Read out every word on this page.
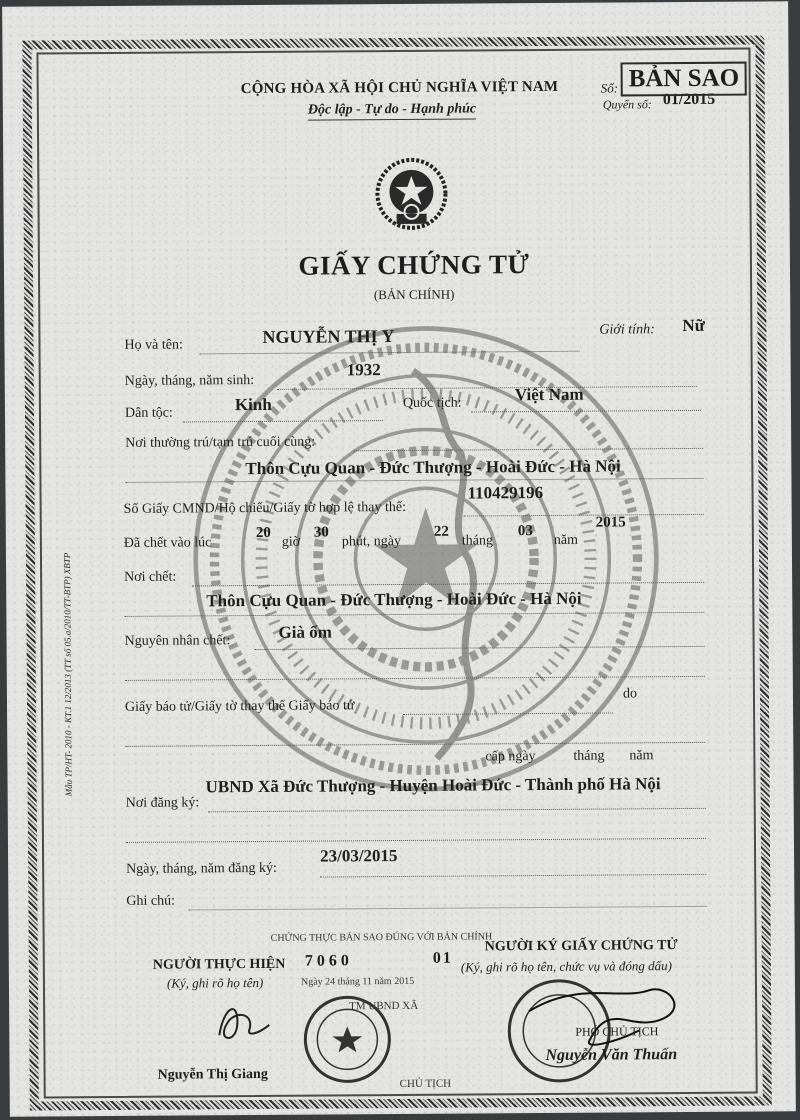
CỘNG HÒA XÃ HỘI CHỦ NGHĨA VIỆT NAM
Độc lập - Tự do - Hạnh phúc
Số:
Quyển số: 01/2015
BẢN SAO
GIẤY CHỨNG TỬ
(BẢN CHÍNH)
Họ và tên:	NGUYỄN THỊ Y	Giới tính: Nữ
Ngày, tháng, năm sinh:
1932
Dân tộc:	Kinh	Quốc tịch:	Việt Nam
Nơi thường trú/tạm trú cuối cùng:
Thôn Cựu Quan - Đức Thượng - Hoài Đức - Hà Nội
Số Giấy CMND/Hộ chiếu/Giấy tờ hợp lệ thay thế:
110429196
Đã chết vào lúc
20
giờ
30
phút, ngày
22
tháng
03
năm
2015
Nơi chết:
Thôn Cựu Quan - Đức Thượng - Hoài Đức - Hà Nội
Nguyên nhân chết:	Già ốm
Giấy báo tử/Giấy tờ thay thế Giấy báo tử
do
cấp ngày	tháng năm
Nơi đăng ký:
UBND Xã Đức Thượng - Huyện Hoài Đức - Thành phố Hà Nội
Ngày, tháng, năm đăng ký:
23/03/2015
Ghi chú:
CHỨNG THỰC BẢN SAO ĐÚNG VỚI BẢN CHÍNH
7060	01
Ngày 24 tháng 11 năm 2015
TM UBND XÃ
CHỦ TỊCH
NGƯỜI THỰC HIỆN
(Ký, ghi rõ họ tên)
NGƯỜI KÝ GIẤY CHỨNG TỬ
(Ký, ghi rõ họ tên, chức vụ và đóng dấu)
PHÓ CHỦ TỊCH
Nguyễn Văn Thuấn
Nguyễn Thị Giang
Mẫu TP/HT- 2010 - KT.1 12/2013 (TT số 05.a/2010/TT-BTP) XBTP
